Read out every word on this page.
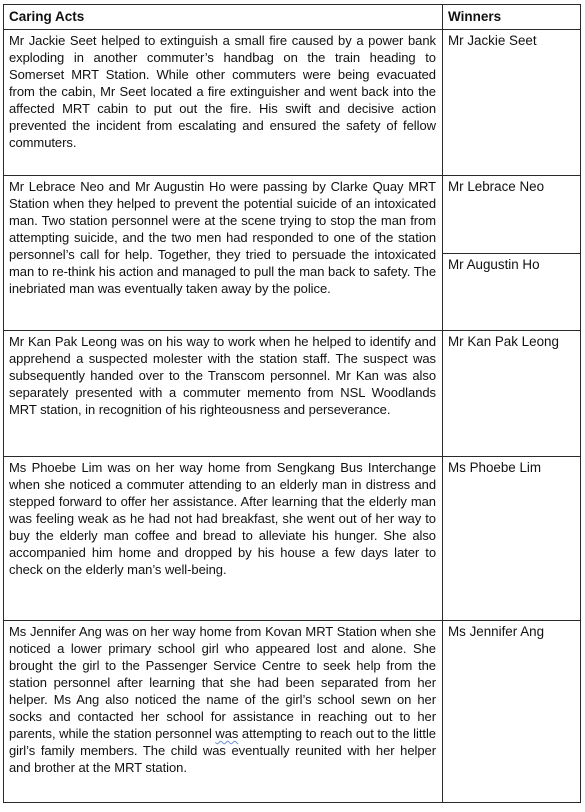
Caring Acts	Winners

Mr Jackie Seet helped to extinguish a small fire caused by a power bank exploding in another commuter’s handbag on the train heading to Somerset MRT Station. While other commuters were being evacuated from the cabin, Mr Seet located a fire extinguisher and went back into the affected MRT cabin to put out the fire. His swift and decisive action prevented the incident from escalating and ensured the safety of fellow commuters.	Mr Jackie Seet

Mr Lebrace Neo and Mr Augustin Ho were passing by Clarke Quay MRT Station when they helped to prevent the potential suicide of an intoxicated man. Two station personnel were at the scene trying to stop the man from attempting suicide, and the two men had responded to one of the station personnel’s call for help. Together, they tried to persuade the intoxicated man to re-think his action and managed to pull the man back to safety. The inebriated man was eventually taken away by the police.	Mr Lebrace Neo

	Mr Augustin Ho

Mr Kan Pak Leong was on his way to work when he helped to identify and apprehend a suspected molester with the station staff. The suspect was subsequently handed over to the Transcom personnel. Mr Kan was also separately presented with a commuter memento from NSL Woodlands MRT station, in recognition of his righteousness and perseverance.	Mr Kan Pak Leong

Ms Phoebe Lim was on her way home from Sengkang Bus Interchange when she noticed a commuter attending to an elderly man in distress and stepped forward to offer her assistance. After learning that the elderly man was feeling weak as he had not had breakfast, she went out of her way to buy the elderly man coffee and bread to alleviate his hunger. She also accompanied him home and dropped by his house a few days later to check on the elderly man’s well-being.	Ms Phoebe Lim

Ms Jennifer Ang was on her way home from Kovan MRT Station when she noticed a lower primary school girl who appeared lost and alone. She brought the girl to the Passenger Service Centre to seek help from the station personnel after learning that she had been separated from her helper. Ms Ang also noticed the name of the girl’s school sewn on her socks and contacted her school for assistance in reaching out to her parents, while the station personnel was attempting to reach out to the little girl’s family members. The child was eventually reunited with her helper and brother at the MRT station.	Ms Jennifer Ang
